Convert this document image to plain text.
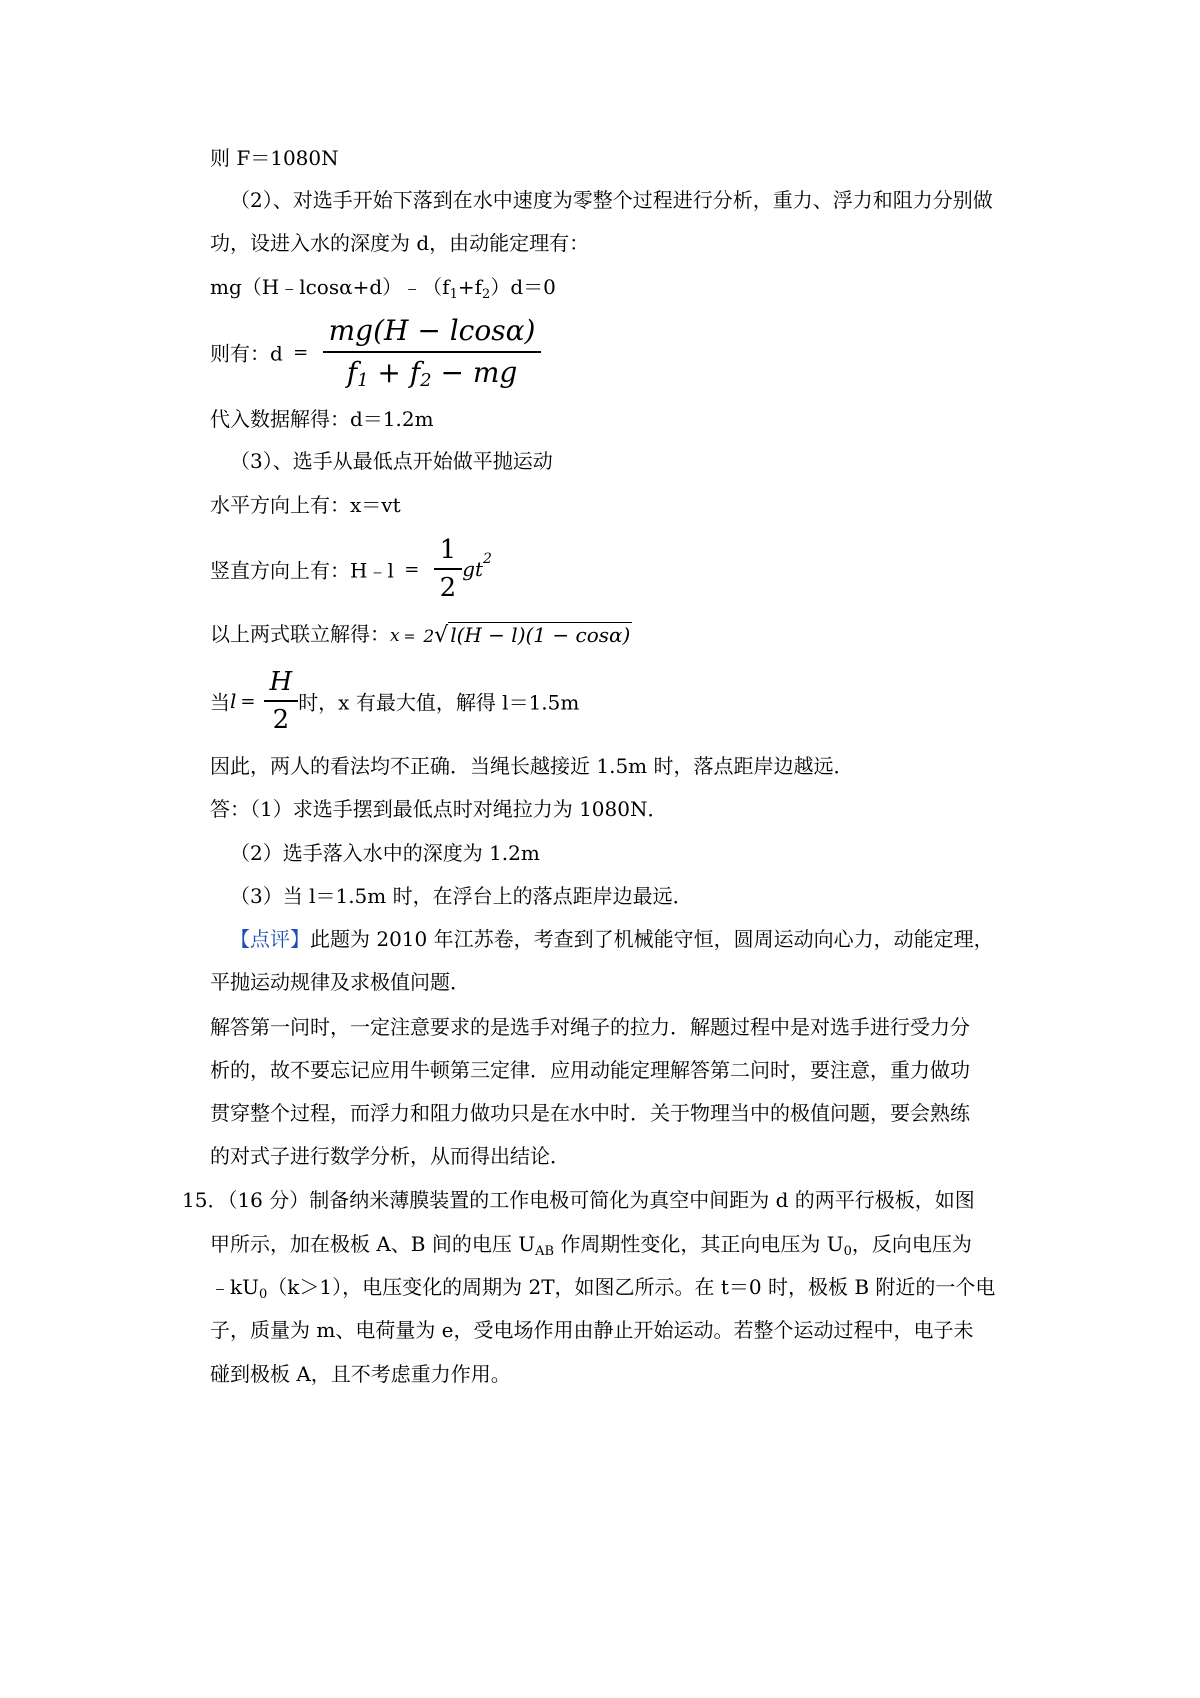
则 F＝1080N

（2）、对选手开始下落到在水中速度为零整个过程进行分析，重力、浮力和阻力分别做

功，设进入水的深度为 d，由动能定理有：

$mg(H﹣lcos\alpha+d)﹣(f_1+f_2)d=0$

则有：$d = \frac{mg(H - lcos\alpha)}{f_1 + f_2 - mg}$

代入数据解得：d＝1.2m

（3）、选手从最低点开始做平抛运动

水平方向上有：x＝vt

竖直方向上有：H﹣l = $\frac{1}{2} gt^2$
以上两式联立解得：x = 2√ l(H − l)(1 − cosα)
当$l = \frac{H}{2}$ 时，x 有最大值，解得 l＝1.5m

因此，两人的看法均不正确．当绳长越接近 1.5m 时，落点距岸边越远．

答：（1）求选手摆到最低点时对绳拉力为 1080N．

（2）选手落入水中的深度为 1.2m

（3）当 l＝1.5m 时，在浮台上的落点距岸边最远．

【点评】此题为 2010 年江苏卷，考查到了机械能守恒，圆周运动向心力，动能定理，

平抛运动规律及求极值问题．

解答第一问时，一定注意要求的是选手对绳子的拉力．解题过程中是对选手进行受力分

析的，故不要忘记应用牛顿第三定律．应用动能定理解答第二问时，要注意，重力做功

贯穿整个过程，而浮力和阻力做功只是在水中时．关于物理当中的极值问题，要会熟练

的对式子进行数学分析，从而得出结论．

15．（16 分）制备纳米薄膜装置的工作电极可简化为真空中间距为 d 的两平行极板，如图

甲所示，加在极板 A、B 间的电压 $U_{AB}$ 作周期性变化，其正向电压为 $U_0$，反向电压为

$﹣kU_0(k>1)$，电压变化的周期为 2T，如图乙所示。在 t＝0 时，极板 B 附近的一个电

子，质量为 m、电荷量为 e，受电场作用由静止开始运动。若整个运动过程中，电子未

碰到极板 A，且不考虑重力作用。
